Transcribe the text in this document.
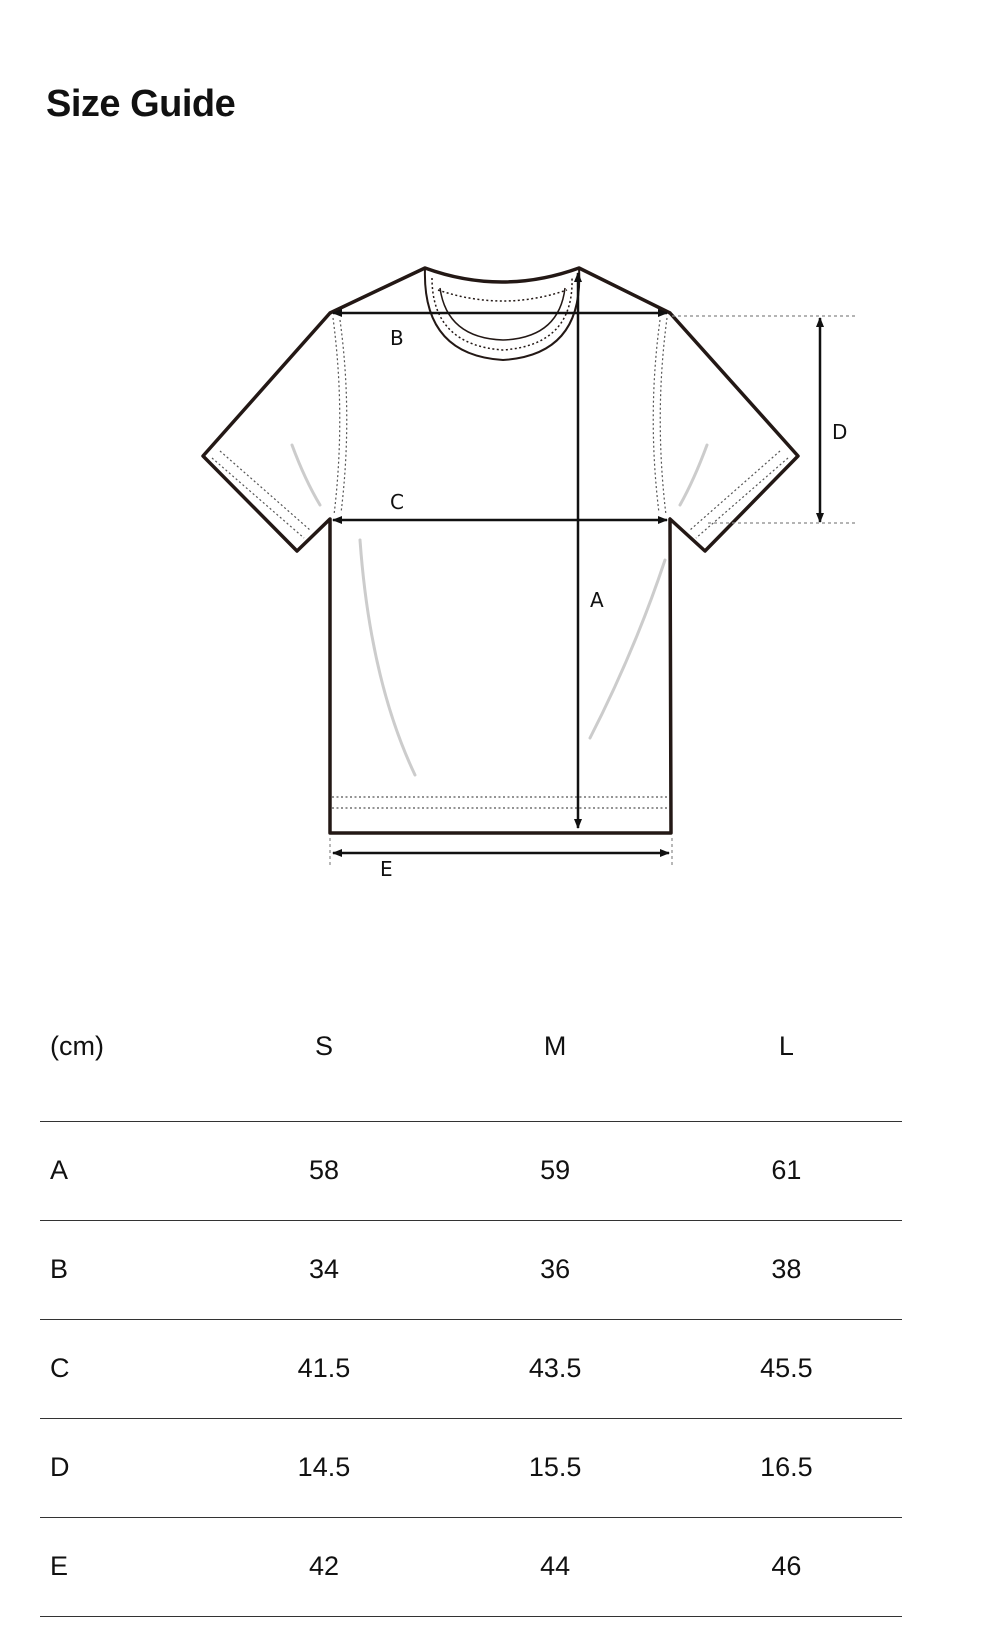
Size Guide
A
B
C
D
E
(cm)	S	M	L
A	58	59	61
B	34	36	38
C	41.5	43.5	45.5
D	14.5	15.5	16.5
E	42	44	46
